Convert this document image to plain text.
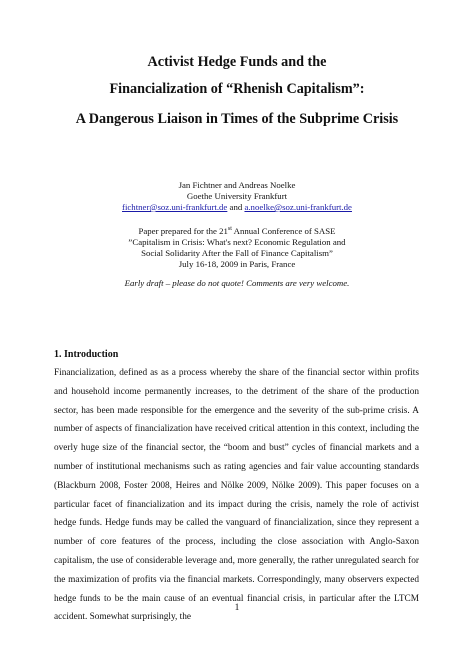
Activist Hedge Funds and the
Financialization of “Rhenish Capitalism”:
A Dangerous Liaison in Times of the Subprime Crisis
Jan Fichtner and Andreas Noelke
Goethe University Frankfurt
fichtner@soz.uni-frankfurt.de and a.noelke@soz.uni-frankfurt.de
Paper prepared for the 21st Annual Conference of SASE
”Capitalism in Crisis: What's next? Economic Regulation and
Social Solidarity After the Fall of Finance Capitalism”
July 16-18, 2009 in Paris, France
Early draft – please do not quote! Comments are very welcome.
1. Introduction

Financialization, defined as as a process whereby the share of the financial sector within profits and household income permanently increases, to the detriment of the share of the production sector, has been made responsible for the emergence and the severity of the sub-prime crisis. A number of aspects of financialization have received critical attention in this context, including the overly huge size of the financial sector, the “boom and bust” cycles of financial markets and a number of institutional mechanisms such as rating agencies and fair value accounting standards (Blackburn 2008, Foster 2008, Heires and Nölke 2009, Nölke 2009). This paper focuses on a particular facet of financialization and its impact during the crisis, namely the role of activist hedge funds. Hedge funds may be called the vanguard of financialization, since they represent a number of core features of the process, including the close association with Anglo-Saxon capitalism, the use of considerable leverage and, more generally, the rather unregulated search for the maximization of profits via the financial markets. Correspondingly, many observers expected hedge funds to be the main cause of an eventual financial crisis, in particular after the LTCM accident. Somewhat surprisingly, the

1
